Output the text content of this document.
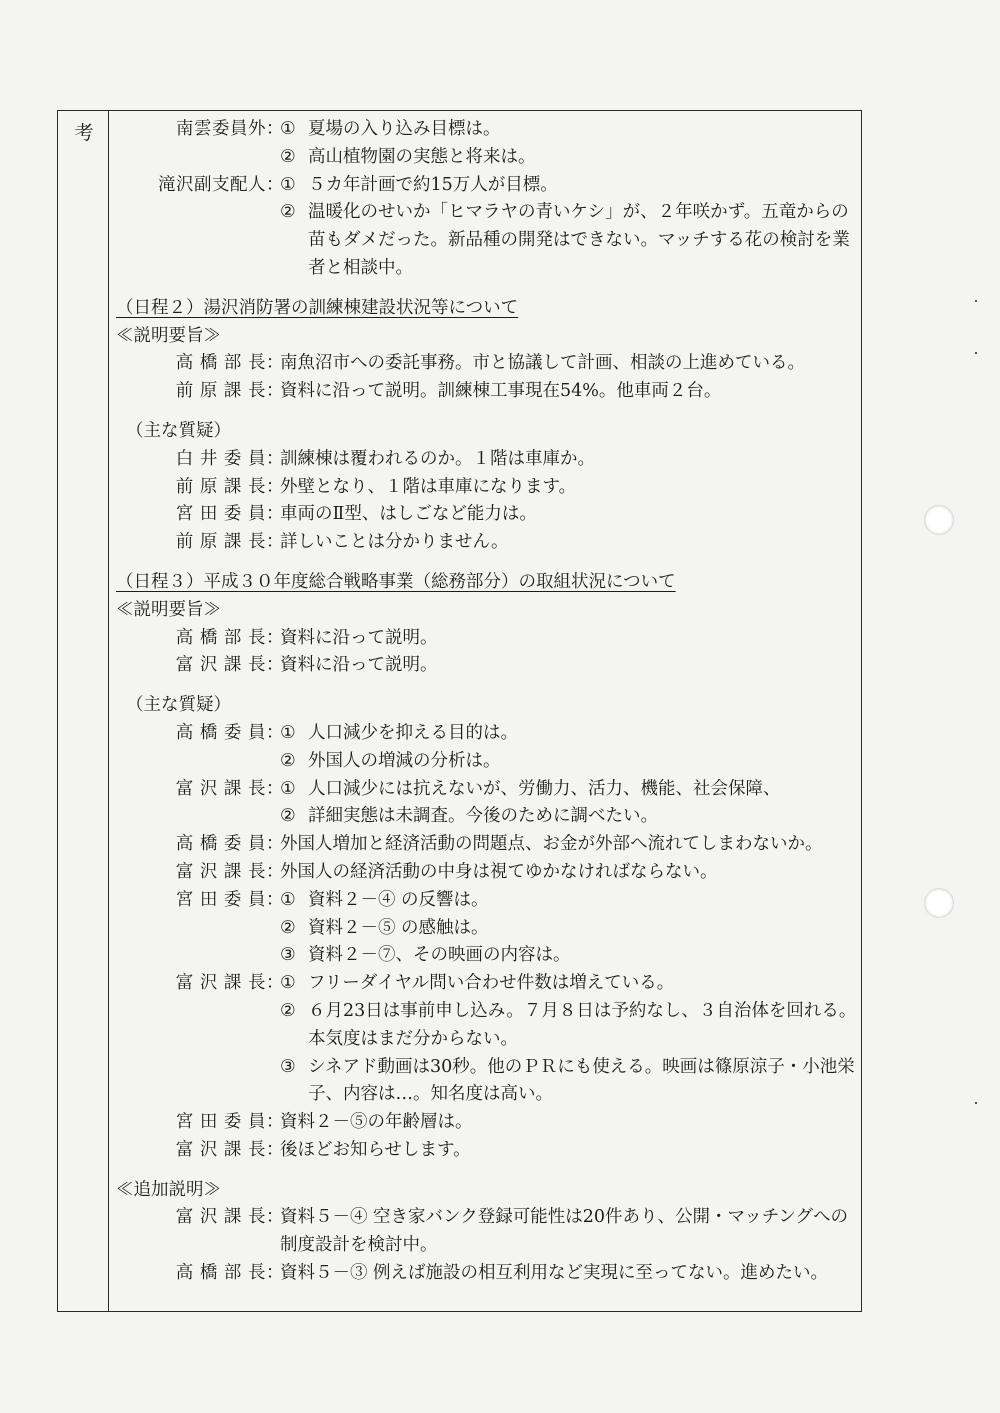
考	南雲委員外 ：
① 夏場の入り込み目標は。
② 高山植物園の実態と将来は。
滝沢副支配人 ：
① ５カ年計画で約15万人が目標。
② 温暖化のせいか「ヒマラヤの青いケシ」が、２年咲かず。五竜からの苗もダメだった。新品種の開発はできない。マッチする花の検討を業者と相談中。
（日程２）湯沢消防署の訓練棟建設状況等について
≪説明要旨≫
高 橋 部 長 ：
南魚沼市への委託事務。市と協議して計画、相談の上進めている。
前 原 課 長 ：
資料に沿って説明。訓練棟工事現在54%。他車両２台。
（主な質疑）
白 井 委 員 ：
訓練棟は覆われるのか。１階は車庫か。
前 原 課 長 ：
外壁となり、１階は車庫になります。
宮 田 委 員 ：
車両のⅡ型、はしごなど能力は。
前 原 課 長 ：
詳しいことは分かりません。
（日程３）平成３０年度総合戦略事業（総務部分）の取組状況について
≪説明要旨≫
高 橋 部 長 ：
資料に沿って説明。
富 沢 課 長 ：
資料に沿って説明。
（主な質疑）
高 橋 委 員 ：
① 人口減少を抑える目的は。
② 外国人の増減の分析は。
富 沢 課 長 ：
① 人口減少には抗えないが、労働力、活力、機能、社会保障、
② 詳細実態は未調査。今後のために調べたい。
高 橋 委 員 ：
外国人増加と経済活動の問題点、お金が外部へ流れてしまわないか。
富 沢 課 長 ：
外国人の経済活動の中身は視てゆかなければならない。
宮 田 委 員 ：
① 資料２－④ の反響は。
② 資料２－⑤ の感触は。
③ 資料２－⑦、その映画の内容は。
富 沢 課 長 ：
① フリーダイヤル問い合わせ件数は増えている。
② ６月23日は事前申し込み。７月８日は予約なし、３自治体を回れる。本気度はまだ分からない。
③ シネアド動画は30秒。他のＰＲにも使える。映画は篠原涼子・小池栄子、内容は…。知名度は高い。
宮 田 委 員 ：
資料２－⑤の年齢層は。
富 沢 課 長 ：
後ほどお知らせします。
≪追加説明≫
富 沢 課 長 ：
資料５－④ 空き家バンク登録可能性は20件あり、公開・マッチングへの制度設計を検討中。
高 橋 部 長 ：
資料５－③ 例えば施設の相互利用など実現に至ってない。進めたい。
